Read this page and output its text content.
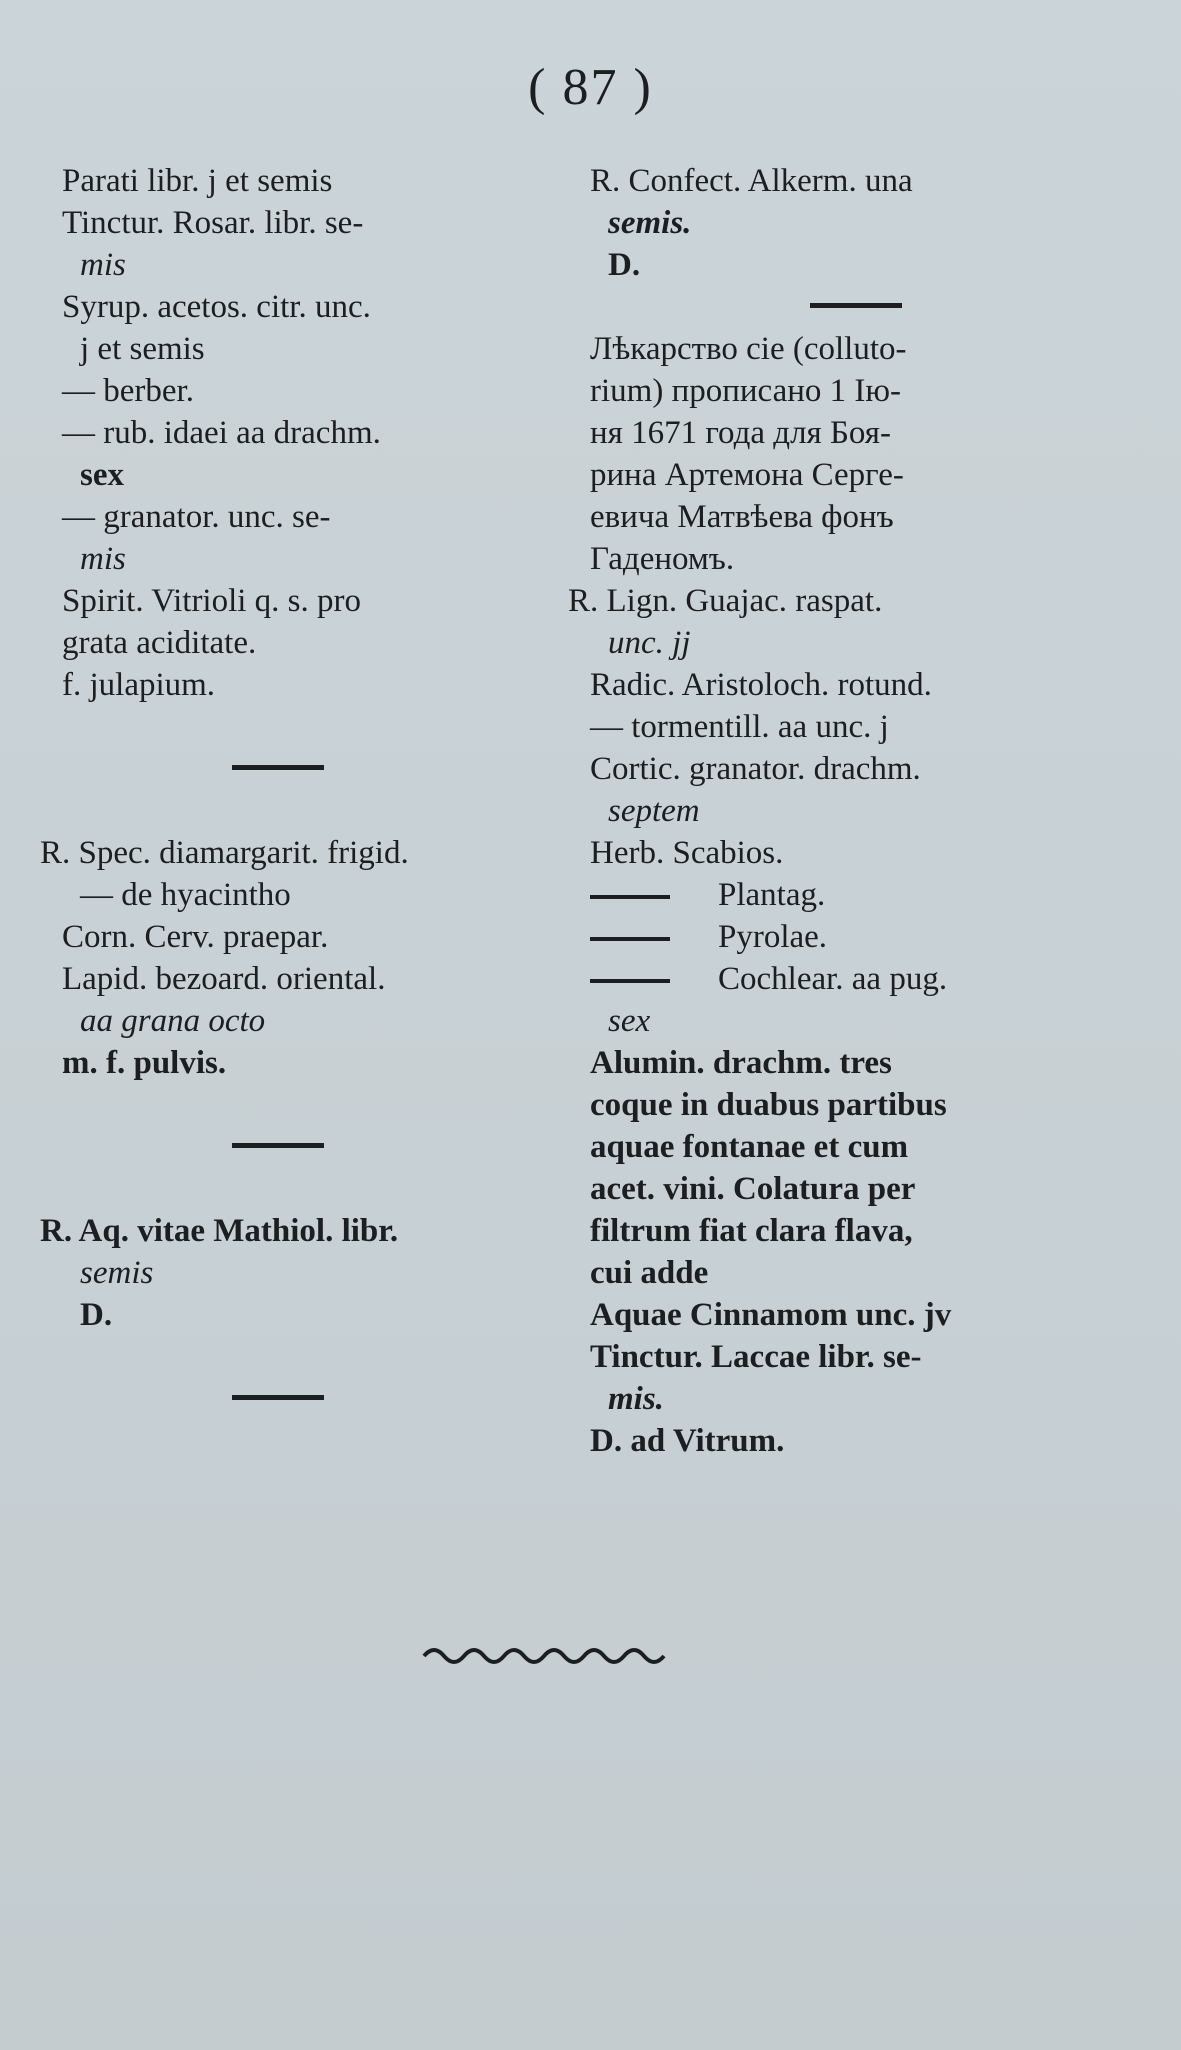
( 87 )
Parati libr. j et semis
Tinctur. Rosar. libr. se-
mis
Syrup. acetos. citr. unc.
j et semis
— berber.
— rub. idaei aa drachm.
sex
— granator. unc. se-
mis
Spirit. Vitrioli q. s. pro
grata aciditate.
f. julapium.
R. Spec. diamargarit. frigid.
— de hyacintho
Corn. Cerv. praepar.
Lapid. bezoard. oriental.
aa grana octo
m. f. pulvis.
R. Aq. vitae Mathiol. libr.
semis
D.
R. Confect. Alkerm. una
semis.
D.
Лѣкарство сіе (colluto-
rium) прописано 1 Ію-
ня 1671 года для Боя-
рина Артемона Серге-
евича Матвѣева фонъ
Гаденомъ.
R. Lign. Guajac. raspat.
unc. jj
Radic. Aristoloch. rotund.
— tormentill. aa unc. j
Cortic. granator. drachm.
septem
Herb. Scabios.
Plantag.
Pyrolae.
Cochlear. aa pug.
sex
Alumin. drachm. tres
coque in duabus partibus
aquae fontanae et cum
acet. vini. Colatura per
filtrum fiat clara flava,
cui adde
Aquae Cinnamom unc. jv
Tinctur. Laccae libr. se-
mis.
D. ad Vitrum.
